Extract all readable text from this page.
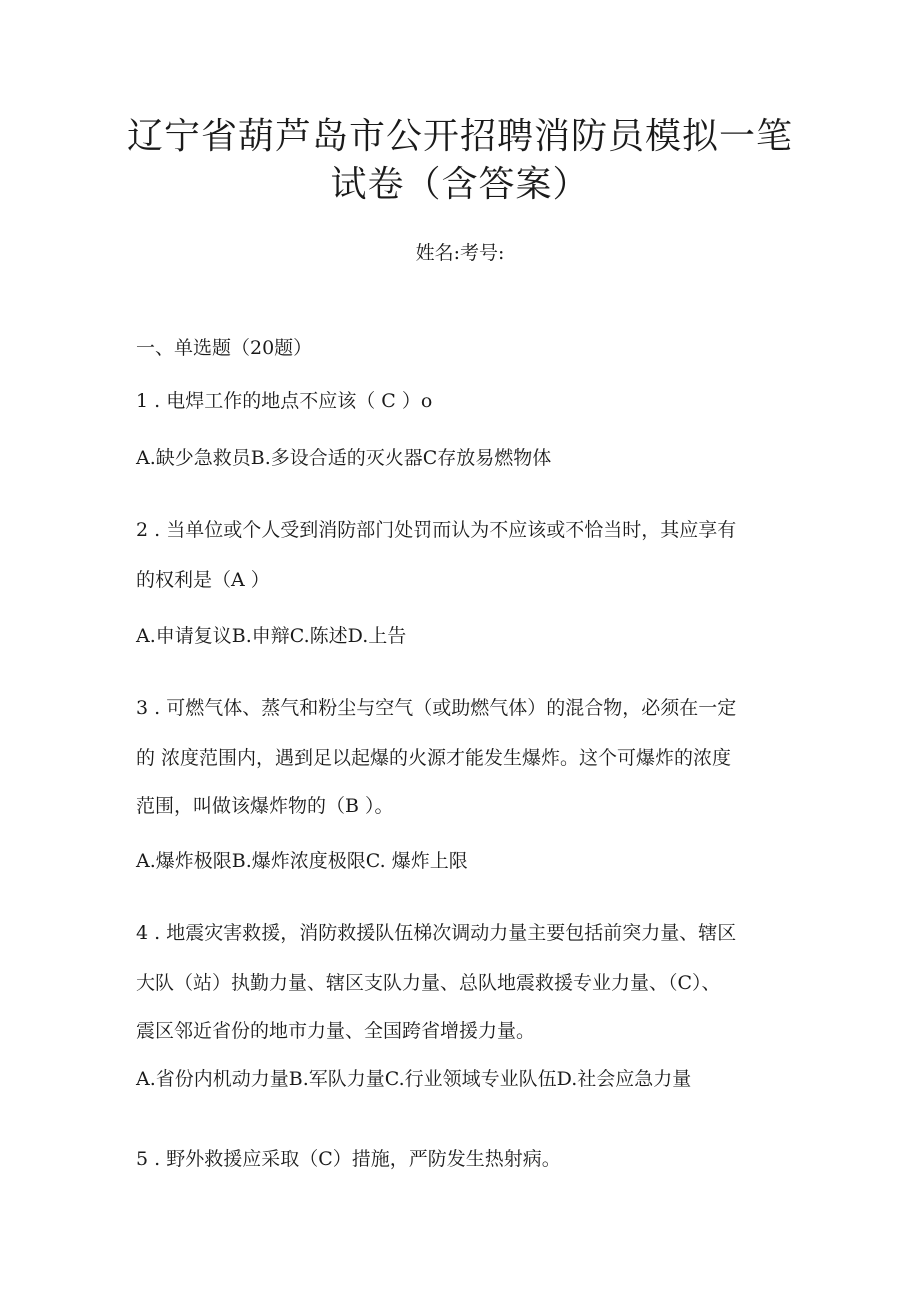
辽宁省葫芦岛市公开招聘消防员模拟一笔
试卷（含答案）
姓名:考号:
一、单选题（20题）
1 . 电焊工作的地点不应该（ C ）o
A.缺少急救员B.多设合适的灭火器C存放易燃物体
2 . 当单位或个人受到消防部门处罚而认为不应该或不恰当时，其应享有
的权利是（A ）
A.申请复议B.申辩C.陈述D.上告
3 . 可燃气体、蒸气和粉尘与空气（或助燃气体）的混合物，必须在一定
的 浓度范围内，遇到足以起爆的火源才能发生爆炸。这个可爆炸的浓度
范围，叫做该爆炸物的（B ）。
A.爆炸极限B.爆炸浓度极限C. 爆炸上限
4 . 地震灾害救援，消防救援队伍梯次调动力量主要包括前突力量、辖区
大队（站）执勤力量、辖区支队力量、总队地震救援专业力量、（C）、
震区邻近省份的地市力量、全国跨省增援力量。
A.省份内机动力量B.军队力量C.行业领域专业队伍D.社会应急力量
5 . 野外救援应采取（C）措施，严防发生热射病。
